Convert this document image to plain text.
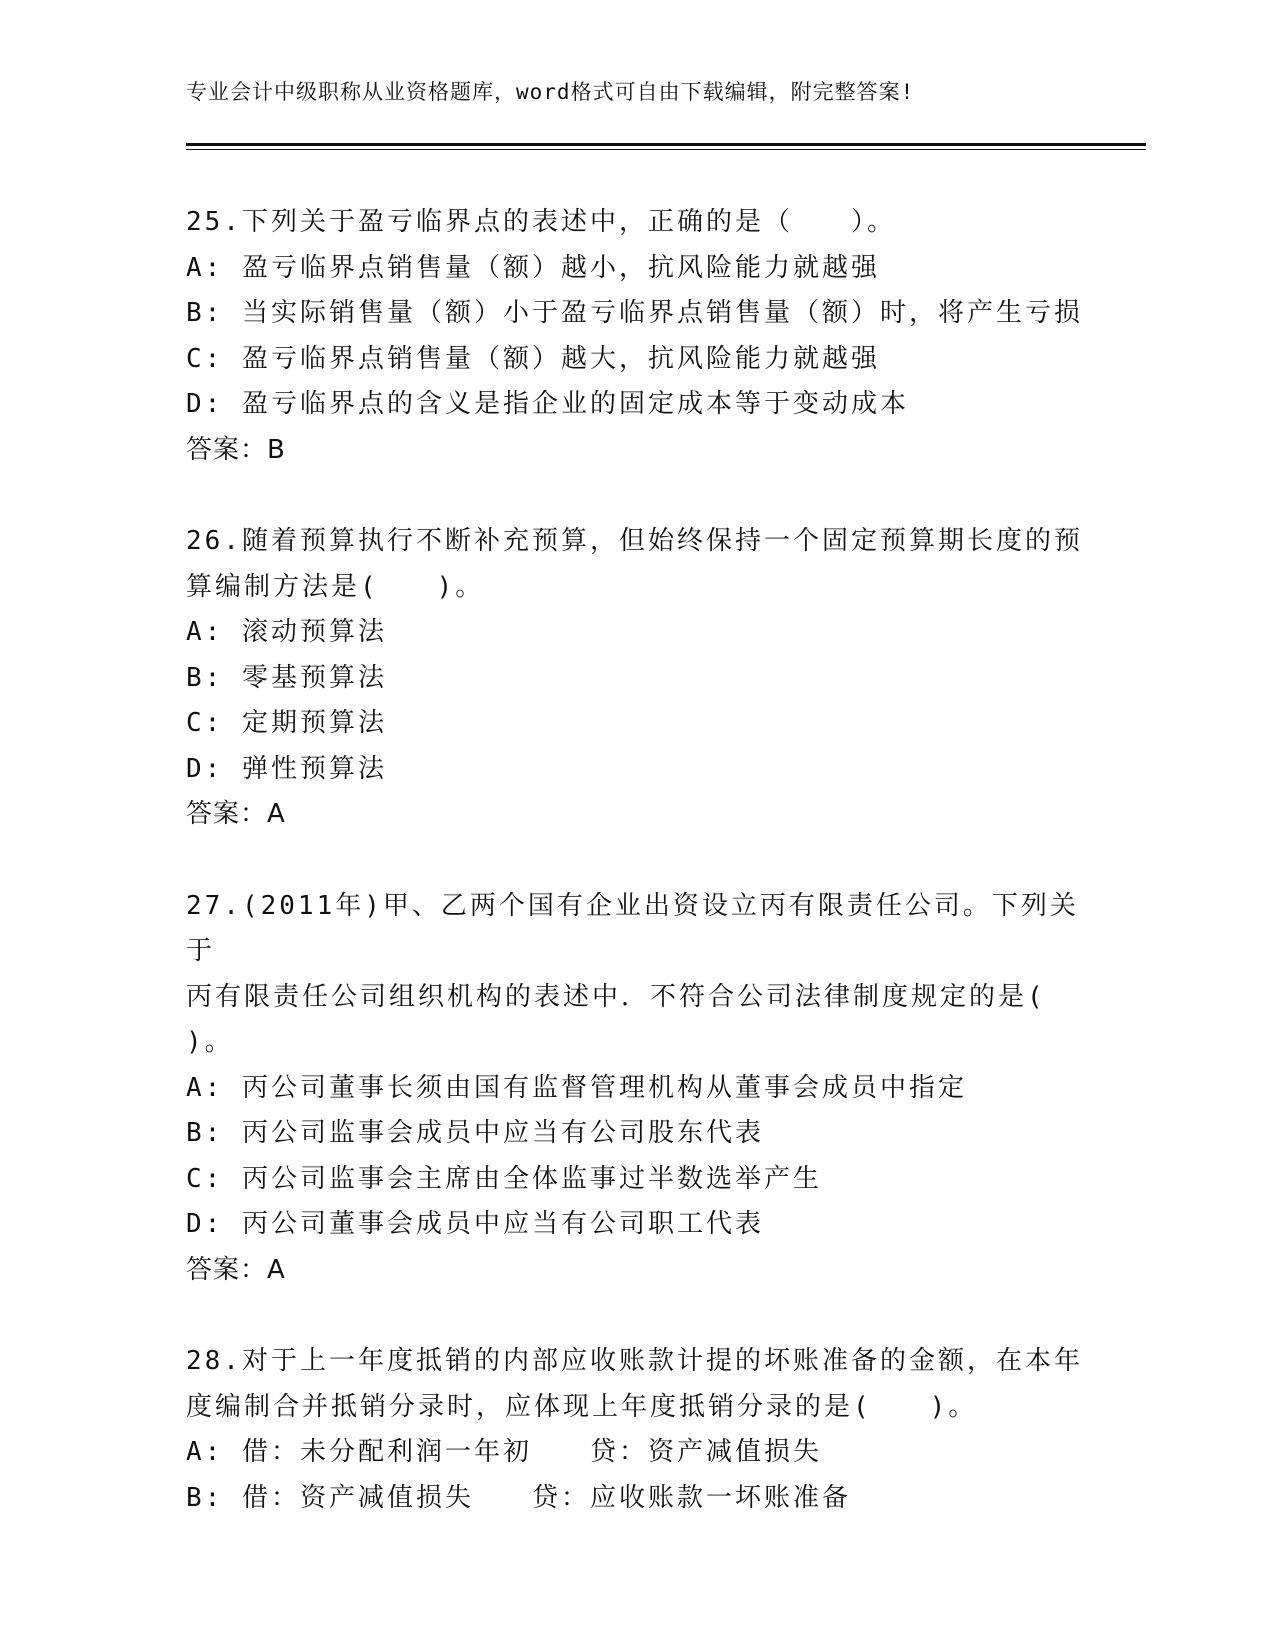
专业会计中级职称从业资格题库，word格式可自由下载编辑，附完整答案!
25.下列关于盈亏临界点的表述中，正确的是（　　）。
A: 盈亏临界点销售量（额）越小，抗风险能力就越强
B: 当实际销售量（额）小于盈亏临界点销售量（额）时，将产生亏损
C: 盈亏临界点销售量（额）越大，抗风险能力就越强
D: 盈亏临界点的含义是指企业的固定成本等于变动成本
答案：B
26.随着预算执行不断补充预算，但始终保持一个固定预算期长度的预
算编制方法是(　　)。
A: 滚动预算法
B: 零基预算法
C: 定期预算法
D: 弹性预算法
答案：A
27.(2011年)甲、乙两个国有企业出资设立丙有限责任公司。下列关于
丙有限责任公司组织机构的表述中．不符合公司法律制度规定的是(
)。
A: 丙公司董事长须由国有监督管理机构从董事会成员中指定
B: 丙公司监事会成员中应当有公司股东代表
C: 丙公司监事会主席由全体监事过半数选举产生
D: 丙公司董事会成员中应当有公司职工代表
答案：A
28.对于上一年度抵销的内部应收账款计提的坏账准备的金额，在本年
度编制合并抵销分录时，应体现上年度抵销分录的是(　　)。
A: 借：未分配利润一年初　　贷：资产减值损失
B: 借：资产减值损失　　贷：应收账款一坏账准备
